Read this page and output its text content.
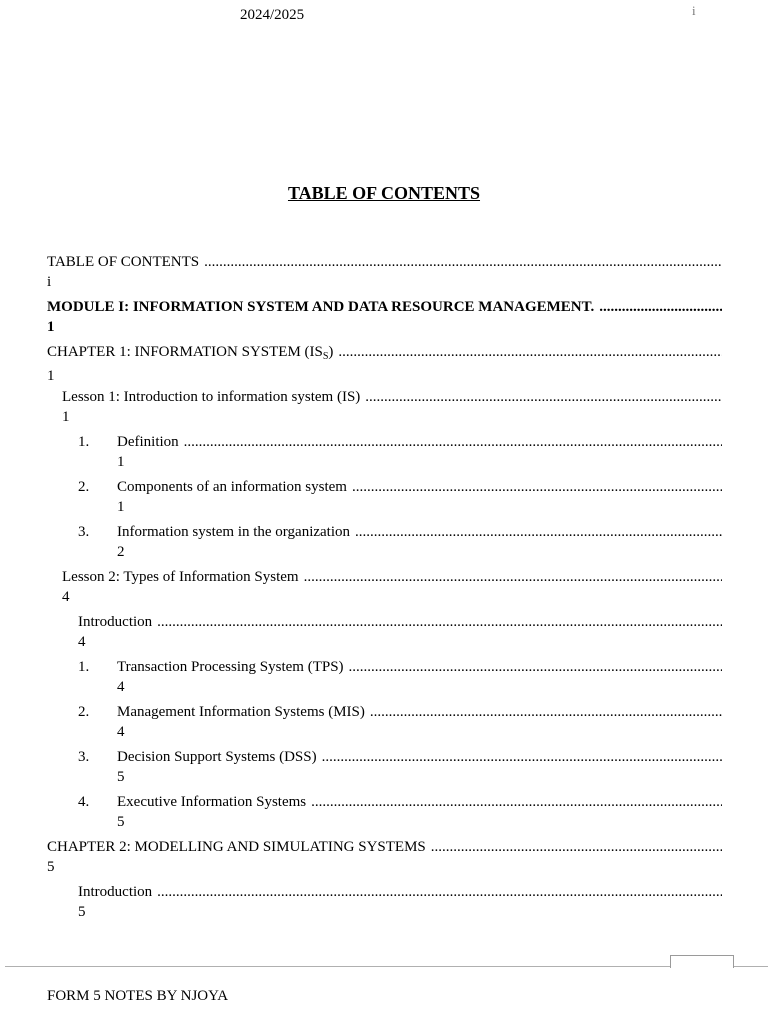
2024/2025	i
TABLE OF CONTENTS
TABLE OF CONTENTS
.....
i
MODULE I: INFORMATION SYSTEM AND DATA RESOURCE MANAGEMENT.
.....
1
CHAPTER 1: INFORMATION SYSTEM $(IS_S)$
.....
1
Lesson 1: Introduction to information system (IS)
.....
1
1. Definition
.....
1
2. Components of an information system
.....
1
3. Information system in the organization
.....
2
Lesson 2: Types of Information System
.....
4
Introduction
.....
4
1. Transaction Processing System (TPS)
.....
4
2. Management Information Systems (MIS)
.....
4
3. Decision Support Systems (DSS)
.....
5
4. Executive Information Systems
.....
5
CHAPTER 2: MODELLING AND SIMULATING SYSTEMS
.....
5
Introduction
.....
5
FORM 5 NOTES BY NJOYA
